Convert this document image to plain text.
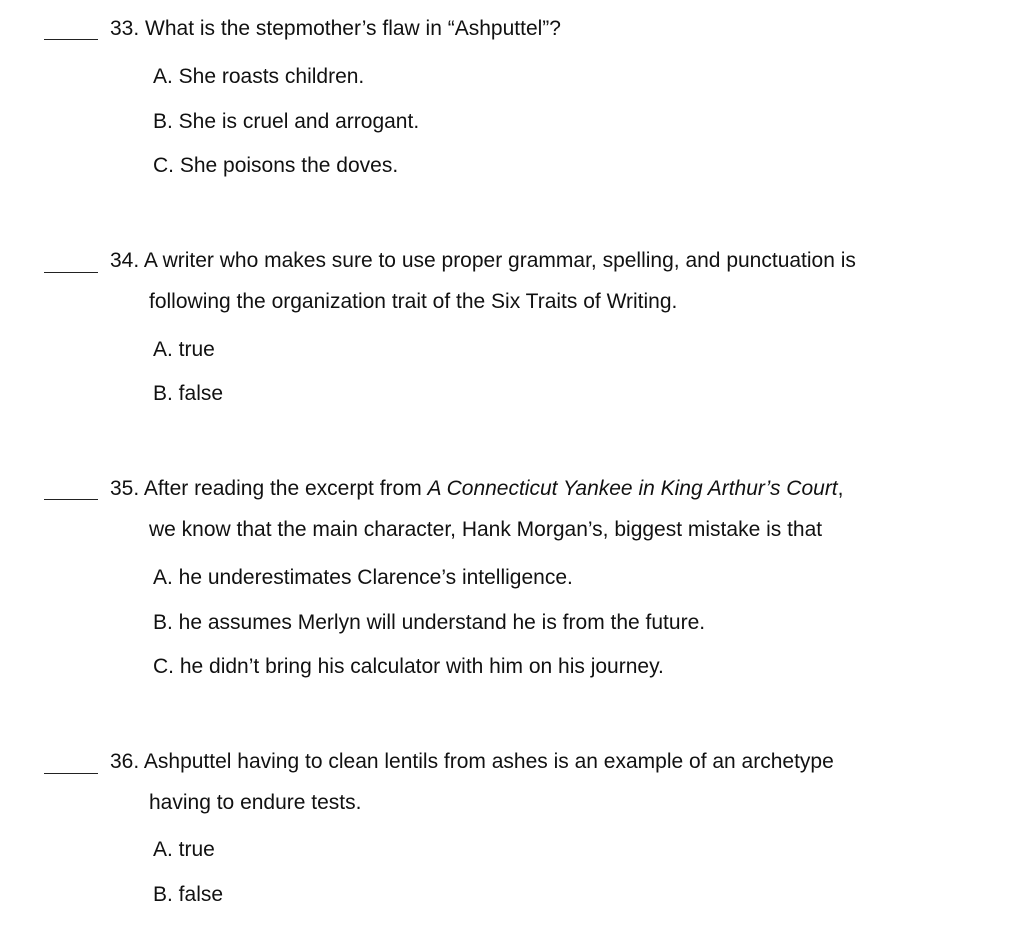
33. What is the stepmother’s flaw in “Ashputtel”?
A. She roasts children.
B. She is cruel and arrogant.
C. She poisons the doves.
34. A writer who makes sure to use proper grammar, spelling, and punctuation is
following the organization trait of the Six Traits of Writing.
A. true
B. false
35. After reading the excerpt from A Connecticut Yankee in King Arthur’s Court,
we know that the main character, Hank Morgan’s, biggest mistake is that
A. he underestimates Clarence’s intelligence.
B. he assumes Merlyn will understand he is from the future.
C. he didn’t bring his calculator with him on his journey.
36. Ashputtel having to clean lentils from ashes is an example of an archetype
having to endure tests.
A. true
B. false
